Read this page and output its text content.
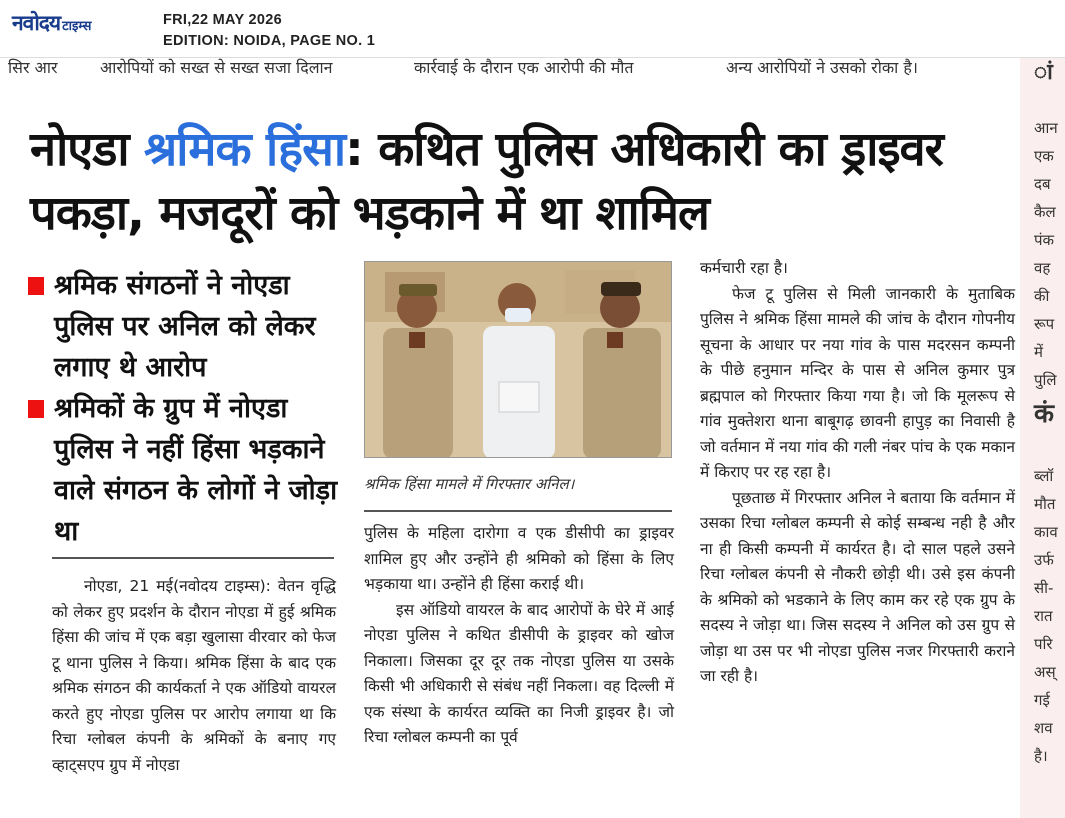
नवोदय टाइम्स	FRI,22 MAY 2026
EDITION: NOIDA, PAGE NO. 1
सिर आर	आरोपियों को सख्त से सख्त सजा दिलान	कार्रवाई के दौरान एक आरोपी की मौत	अन्य आरोपियों ने उसको रोका है।	ां
आन
एक
दब
कैल
पंक
वह
की
रूप
में
पुलि
कं
ब्लॉ
मौत
काव
उर्फ
सी-
रात
परि
अस्
गई
शव
है।
नोएडा श्रमिक हिंसा: कथित पुलिस अधिकारी का ड्राइवर पकड़ा, मजदूरों को भड़काने में था शामिल
श्रमिक संगठनों ने नोएडा पुलिस पर अनिल को लेकर लगाए थे आरोप
श्रमिकों के ग्रुप में नोएडा पुलिस ने नहीं हिंसा भड़काने वाले संगठन के लोगों ने जोड़ा था
श्रमिक हिंसा मामले में गिरफ्तार अनिल।

नोएडा, 21 मई(नवोदय टाइम्स): वेतन वृद्धि को लेकर हुए प्रदर्शन के दौरान नोएडा में हुई श्रमिक हिंसा की जांच में एक बड़ा खुलासा वीरवार को फेज टू थाना पुलिस ने किया। श्रमिक हिंसा के बाद एक श्रमिक संगठन की कार्यकर्ता ने एक ऑडियो वायरल करते हुए नोएडा पुलिस पर आरोप लगाया था कि रिचा ग्लोबल कंपनी के श्रमिकों के बनाए गए व्हाट्सएप ग्रुप में नोएडा

पुलिस के महिला दारोगा व एक डीसीपी का ड्राइवर शामिल हुए और उन्होंने ही श्रमिको को हिंसा के लिए भड़काया था। उन्होंने ही हिंसा कराई थी।

इस ऑडियो वायरल के बाद आरोपों के घेरे में आई नोएडा पुलिस ने कथित डीसीपी के ड्राइवर को खोज निकाला। जिसका दूर दूर तक नोएडा पुलिस या उसके किसी भी अधिकारी से संबंध नहीं निकला। वह दिल्ली में एक संस्था के कार्यरत व्यक्ति का निजी ड्राइवर है। जो रिचा ग्लोबल कम्पनी का पूर्व

कर्मचारी रहा है।

फेज टू पुलिस से मिली जानकारी के मुताबिक पुलिस ने श्रमिक हिंसा मामले की जांच के दौरान गोपनीय सूचना के आधार पर नया गांव के पास मदरसन कम्पनी के पीछे हनुमान मन्दिर के पास से अनिल कुमार पुत्र ब्रह्मपाल को गिरफ्तार किया गया है। जो कि मूलरूप से गांव मुक्तेशरा थाना बाबूगढ़ छावनी हापुड़ का निवासी है जो वर्तमान में नया गांव की गली नंबर पांच के एक मकान में किराए पर रह रहा है।

पूछताछ में गिरफ्तार अनिल ने बताया कि वर्तमान में उसका रिचा ग्लोबल कम्पनी से कोई सम्बन्ध नही है और ना ही किसी कम्पनी में कार्यरत है। दो साल पहले उसने रिचा ग्लोबल कंपनी से नौकरी छोड़ी थी। उसे इस कंपनी के श्रमिको को भडकाने के लिए काम कर रहे एक ग्रुप के सदस्य ने जोड़ा था। जिस सदस्य ने अनिल को उस ग्रुप से जोड़ा था उस पर भी नोएडा पुलिस नजर गिरफ्तारी कराने जा रही है।
